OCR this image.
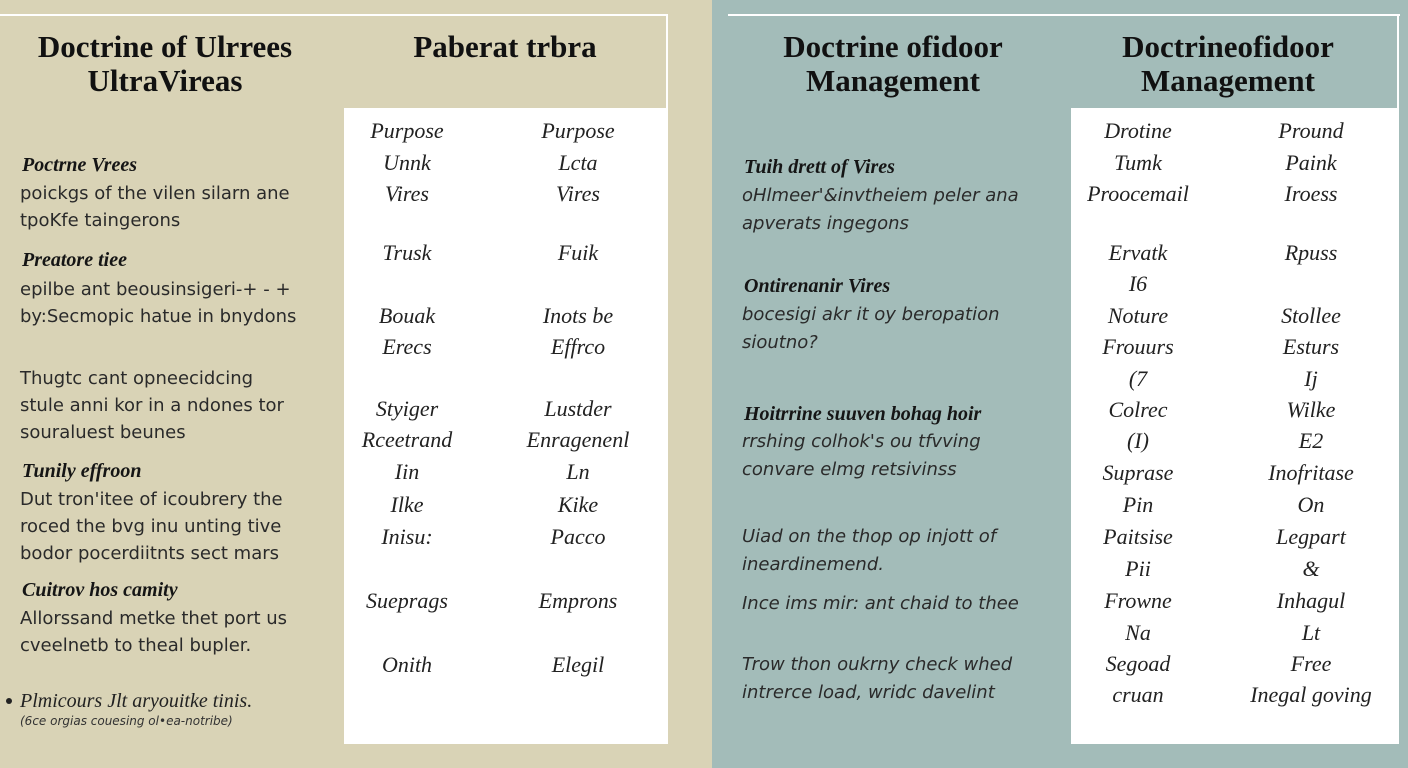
Doctrine of Ulrrees
UltraVireas
Paberat trbra	Doctrine ofidoor
Management
Doctrineofidoor
Management
Poctrne Vrees
poickgs of the vilen silarn ane
tpoKfe taingerons
Preatore tiee
epilbe ant beousinsigeri-+ - +
by:Secmopic hatue in bnydons
Thugtc cant opneecidcing
stule anni kor in a ndones tor
souraluest beunes
Tunily effroon
Dut tron'itee of icoubrery the
roced the bvg inu unting tive
bodor pocerdiitnts sect mars
Cuitrov hos camity
Allorssand metke thet port us
cveelnetb to theal bupler.
Plmicours Jlt aryouitke tinis.
(6ce orgias couesing ol•ea-notribe)
Purpose
Unnk
Vires
Trusk
Bouak
Erecs
Styiger
Rceetrand
Iin
Ilke
Inisu:
Sueprags
Onith
Purpose
Lcta
Vires
Fuik
Inots be
Effrco
Lustder
Enragenenl
Ln
Kike
Pacco
Emprons
Elegil
Tuih drett of Vires
oHlmeer'&invtheiem peler ana
apverats ingegons
Ontirenanir Vires
bocesigi akr it oy beropation
sioutno?
Hoitrrine suuven bohag hoir
rrshing colhok's ou tfvving
convare elmg retsivinss
Uiad on the thop op injott of
ineardinemend.
Ince ims mir: ant chaid to thee
Trow thon oukrny check whed
intrerce load, wridc davelint
Drotine
Tumk
Proocemail
Ervatk
I6
Noture
Frouurs
(7
Colrec
(I)
Suprase
Pin
Paitsise
Pii
Frowne
Na
Segoad
cruan
Pround
Paink
Iroess
Rpuss
Stollee
Esturs
Ij
Wilke
E2
Inofritase
On
Legpart
&
Inhagul
Lt
Free
Inegal goving
